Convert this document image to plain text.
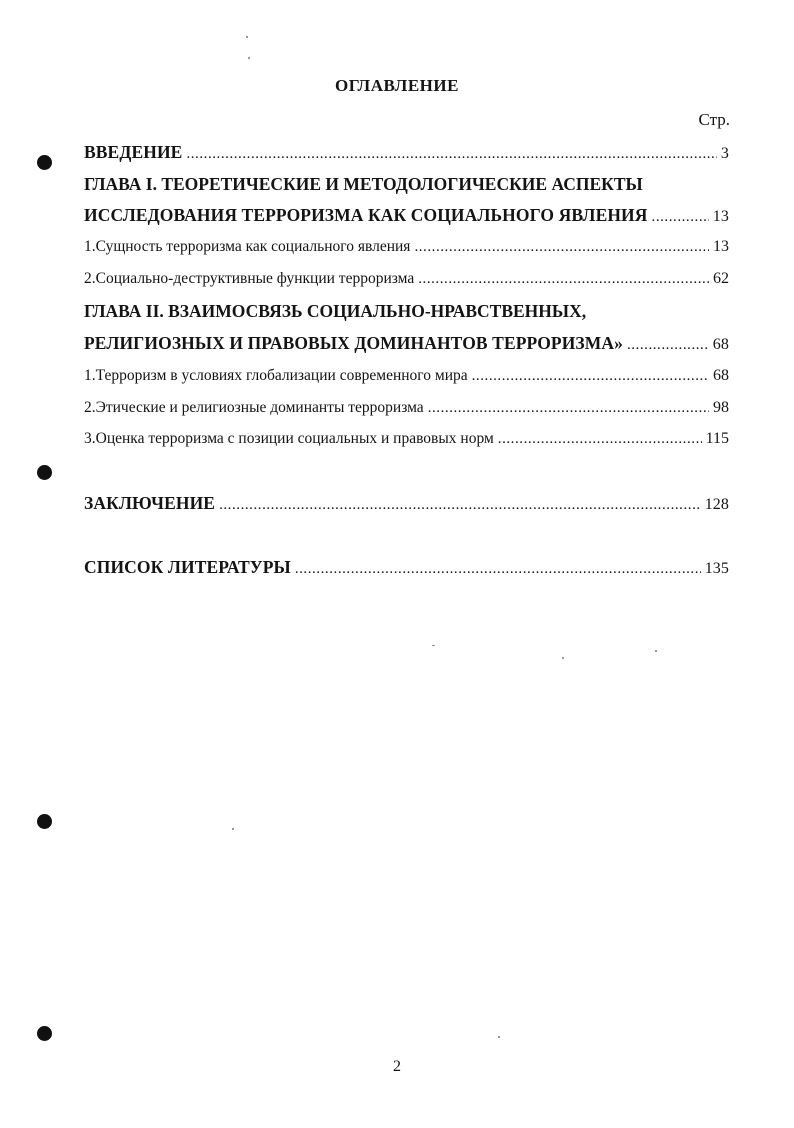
ОГЛАВЛЕНИЕ
Стр.
ВВЕДЕНИЕ . . .	3
ГЛАВА I. ТЕОРЕТИЧЕСКИЕ И МЕТОДОЛОГИЧЕСКИЕ АСПЕКТЫ
ИССЛЕДОВАНИЯ ТЕРРОРИЗМА КАК СОЦИАЛЬНОГО ЯВЛЕНИЯ . . .	13
1.Сущность терроризма как социального явления . . .	13
2.Социально-деструктивные функции терроризма . . .	62
ГЛАВА II. ВЗАИМОСВЯЗЬ СОЦИАЛЬНО-НРАВСТВЕННЫХ,
РЕЛИГИОЗНЫХ И ПРАВОВЫХ ДОМИНАНТОВ ТЕРРОРИЗМА» . . .	68
1.Терроризм в условиях глобализации современного мира . . .	68
2.Этические и религиозные доминанты терроризма . . .	98
3.Оценка терроризма с позиции социальных и правовых норм . . .	115
ЗАКЛЮЧЕНИЕ . . .	128
СПИСОК ЛИТЕРАТУРЫ . . .	135
2
